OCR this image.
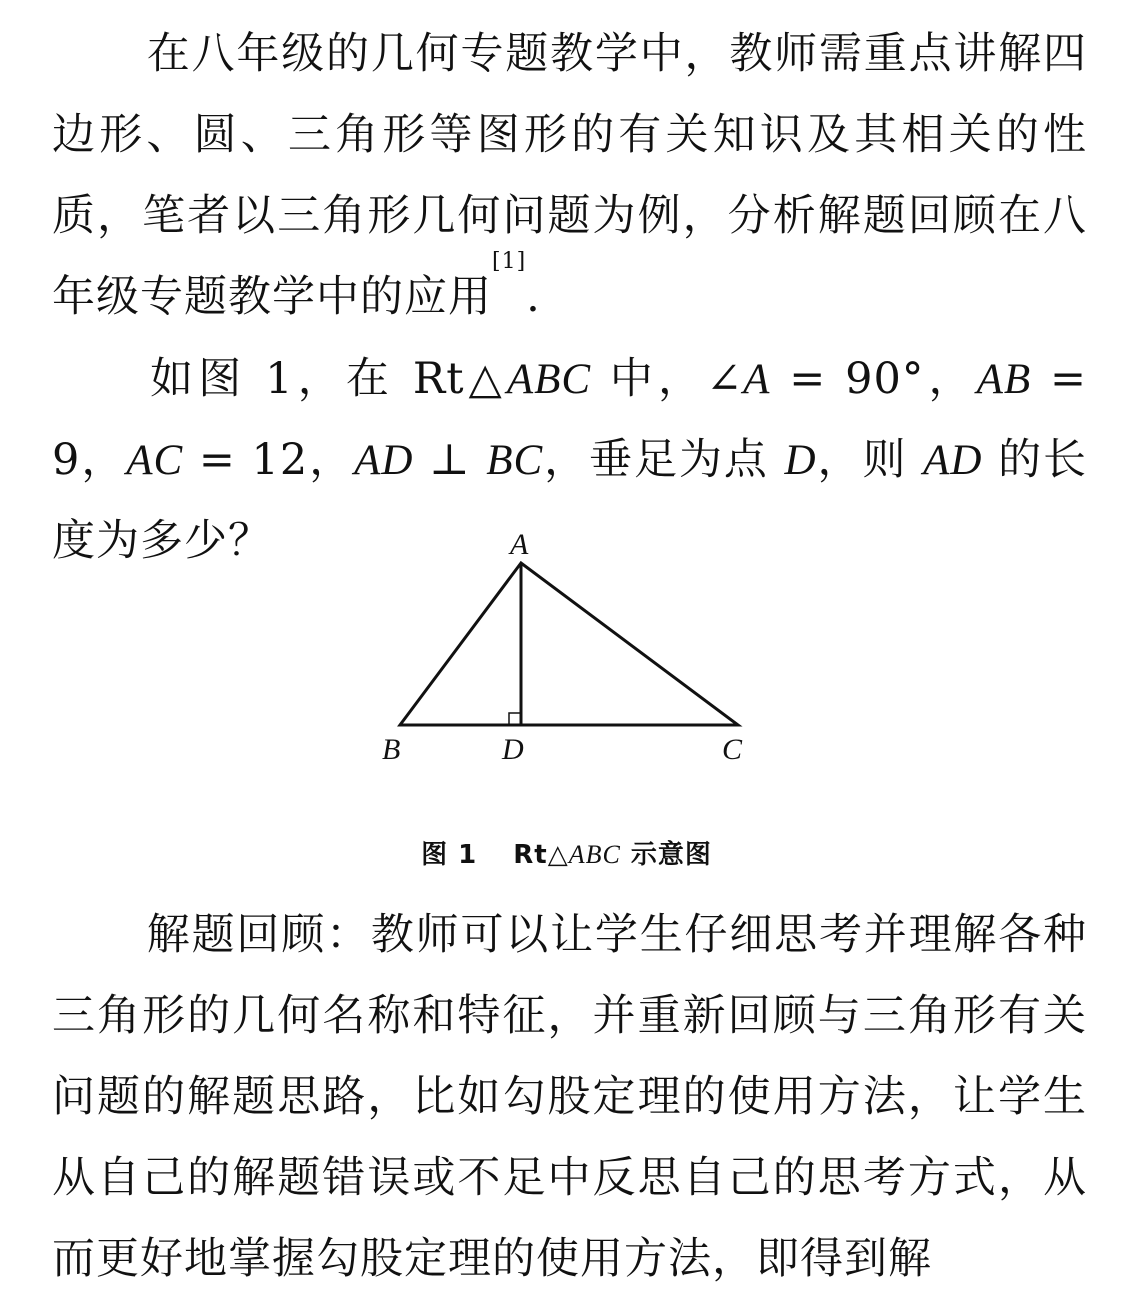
在八年级的几何专题教学中，教师需重点讲解四边形、圆、三角形等图形的有关知识及其相关的性质，笔者以三角形几何问题为例，分析解题回顾在八年级专题教学中的应用[1].

如图 1，在 Rt△ABC 中，∠A = 90°，AB = 9，AC = 12，AD ⊥ BC，垂足为点 D，则 AD 的长度为多少？	A
B	D	C
图 1 Rt△ABC 示意图

解题回顾：教师可以让学生仔细思考并理解各种三角形的几何名称和特征，并重新回顾与三角形有关问题的解题思路，比如勾股定理的使用方法，让学生从自己的解题错误或不足中反思自己的思考方式，从而更好地掌握勾股定理的使用方法，即得到解
